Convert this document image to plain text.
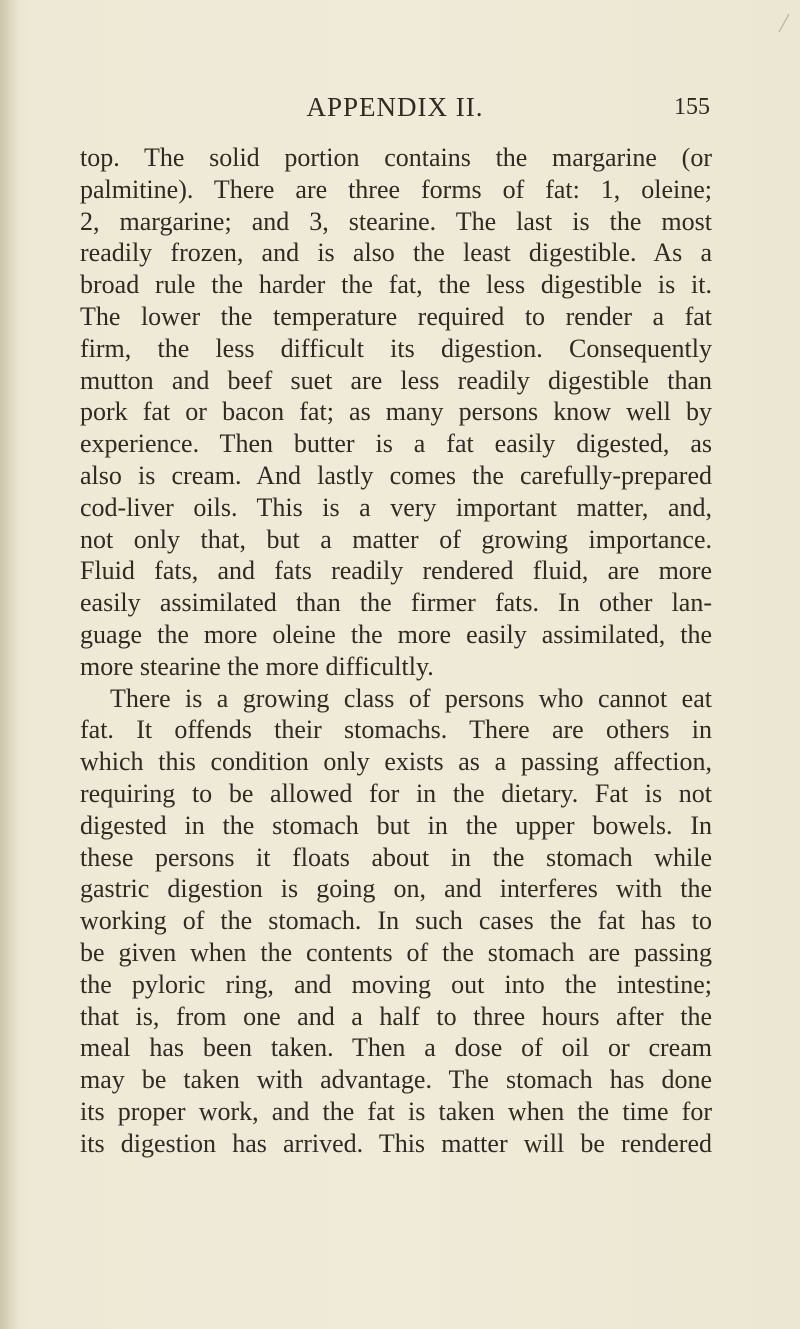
APPENDIX II.	155
top. The solid portion contains the margarine (or
palmitine). There are three forms of fat: 1, oleine;
2, margarine; and 3, stearine. The last is the most
readily frozen, and is also the least digestible. As a
broad rule the harder the fat, the less digestible is it.
The lower the temperature required to render a fat
firm, the less difficult its digestion. Consequently
mutton and beef suet are less readily digestible than
pork fat or bacon fat; as many persons know well by
experience. Then butter is a fat easily digested, as
also is cream. And lastly comes the carefully-prepared
cod-liver oils. This is a very important matter, and,
not only that, but a matter of growing importance.
Fluid fats, and fats readily rendered fluid, are more
easily assimilated than the firmer fats. In other lan-
guage the more oleine the more easily assimilated, the
more stearine the more difficultly.
There is a growing class of persons who cannot eat
fat. It offends their stomachs. There are others in
which this condition only exists as a passing affection,
requiring to be allowed for in the dietary. Fat is not
digested in the stomach but in the upper bowels. In
these persons it floats about in the stomach while
gastric digestion is going on, and interferes with the
working of the stomach. In such cases the fat has to
be given when the contents of the stomach are passing
the pyloric ring, and moving out into the intestine;
that is, from one and a half to three hours after the
meal has been taken. Then a dose of oil or cream
may be taken with advantage. The stomach has done
its proper work, and the fat is taken when the time for
its digestion has arrived. This matter will be rendered
